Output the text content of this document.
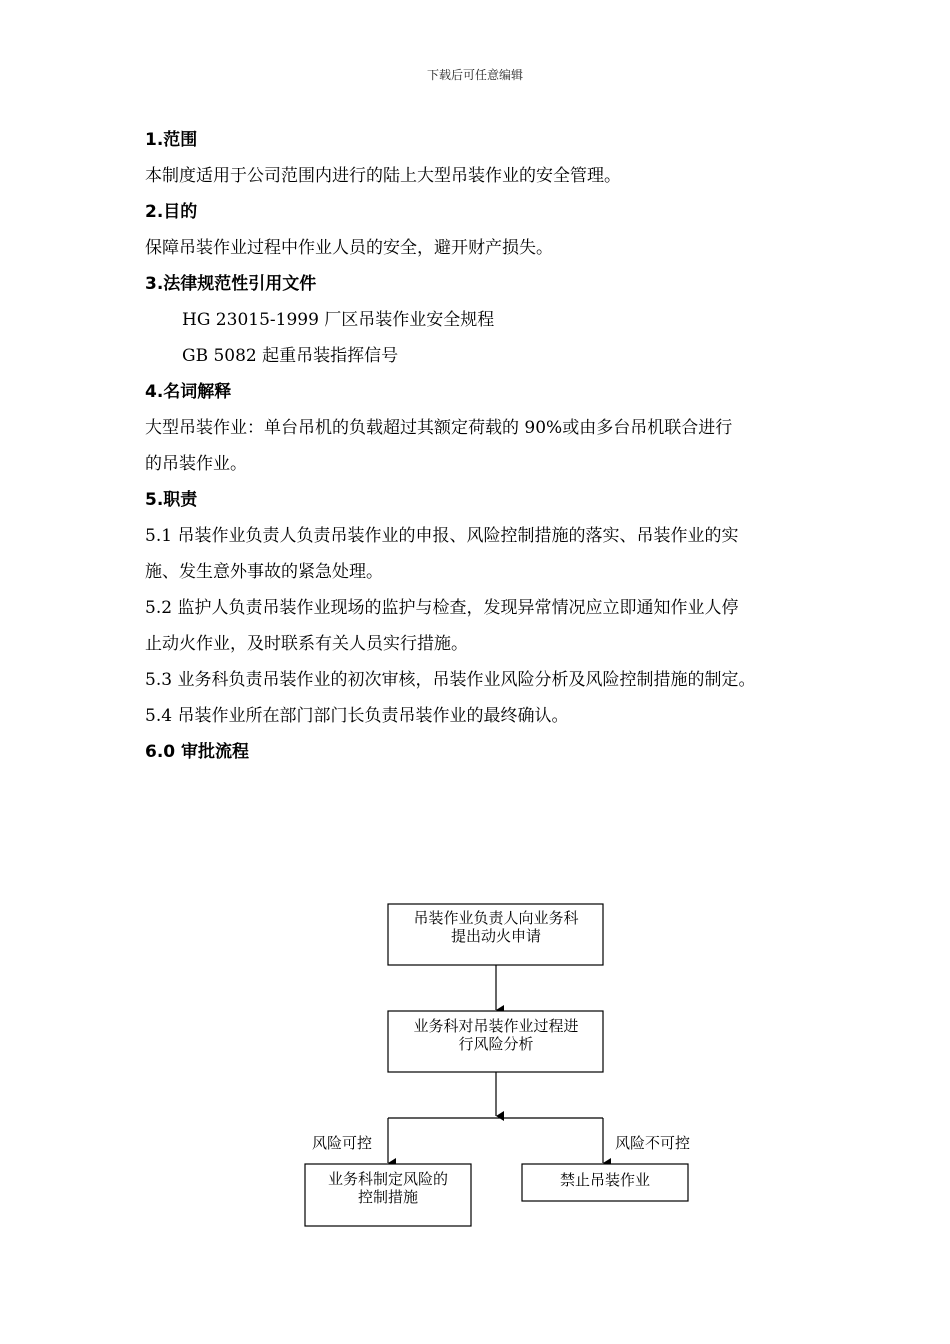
下载后可任意编辑
1.范围
本制度适用于公司范围内进行的陆上大型吊装作业的安全管理。
2.目的
保障吊装作业过程中作业人员的安全，避开财产损失。
3.法律规范性引用文件
HG 23015-1999 厂区吊装作业安全规程
GB 5082 起重吊装指挥信号
4.名词解释
大型吊装作业：单台吊机的负载超过其额定荷载的 90%或由多台吊机联合进行
的吊装作业。
5.职责
5.1 吊装作业负责人负责吊装作业的申报、风险控制措施的落实、吊装作业的实
施、发生意外事故的紧急处理。
5.2 监护人负责吊装作业现场的监护与检查，发现异常情况应立即通知作业人停
止动火作业，及时联系有关人员实行措施。
5.3 业务科负责吊装作业的初次审核，吊装作业风险分析及风险控制措施的制定。
5.4 吊装作业所在部门部门长负责吊装作业的最终确认。
6.0 审批流程
吊装作业负责人向业务科
提出动火申请
业务科对吊装作业过程进
行风险分析
风险可控	风险不可控
业务科制定风险的
控制措施
禁止吊装作业
